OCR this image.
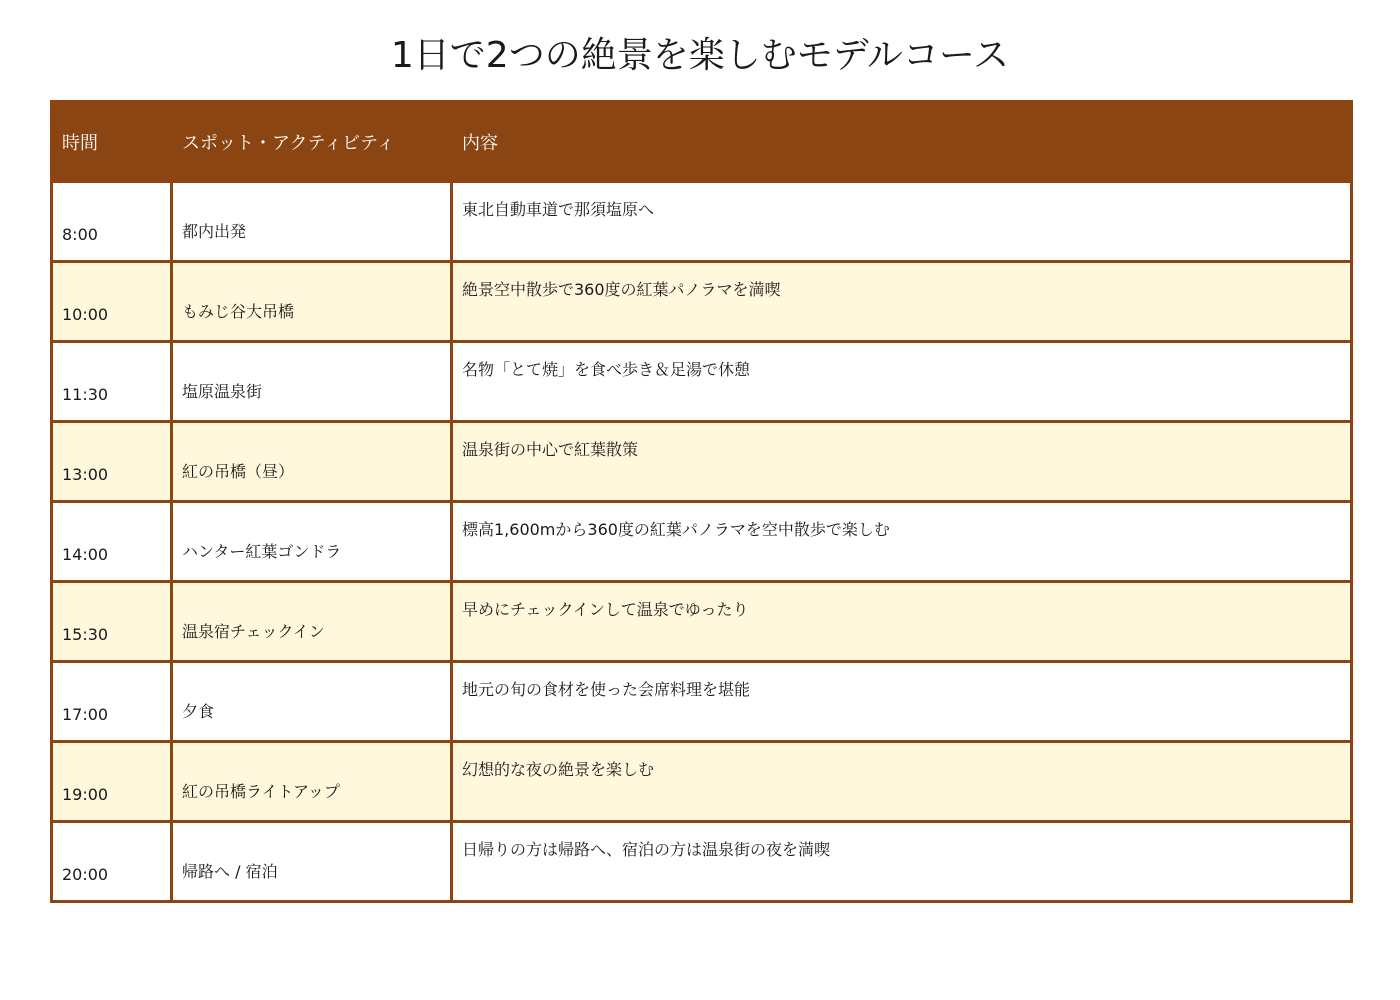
1日で2つの絶景を楽しむモデルコース
時間	スポット・アクティビティ	内容

8:00	都内出発	東北自動車道で那須塩原へ

10:00	もみじ谷大吊橋	絶景空中散歩で360度の紅葉パノラマを満喫

11:30	塩原温泉街	名物「とて焼」を食べ歩き＆足湯で休憩

13:00	紅の吊橋（昼）	温泉街の中心で紅葉散策

14:00	ハンター紅葉ゴンドラ	標高1,600mから360度の紅葉パノラマを空中散歩で楽しむ

15:30	温泉宿チェックイン	早めにチェックインして温泉でゆったり

17:00	夕食	地元の旬の食材を使った会席料理を堪能

19:00	紅の吊橋ライトアップ	幻想的な夜の絶景を楽しむ

20:00	帰路へ / 宿泊	日帰りの方は帰路へ、宿泊の方は温泉街の夜を満喫
